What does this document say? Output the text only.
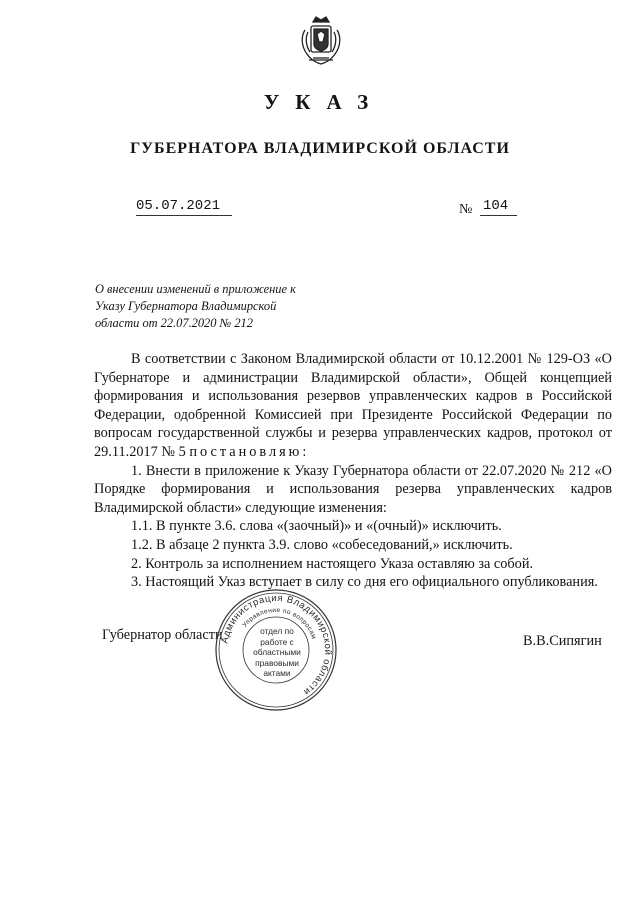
УКАЗ
ГУБЕРНАТОРА ВЛАДИМИРСКОЙ ОБЛАСТИ
05.07.2021	№ 104
О внесении изменений в приложение к Указу Губернатора Владимирской области от 22.07.2020 № 212

В соответствии с Законом Владимирской области от 10.12.2001 № 129-ОЗ «О Губернаторе и администрации Владимирской области», Общей концепцией формирования и использования резервов управленческих кадров в Российской Федерации, одобренной Комиссией при Президенте Российской Федерации по вопросам государственной службы и резерва управленческих кадров, протокол от 29.11.2017 № 5 постановляю:

1. Внести в приложение к Указу Губернатора области от 22.07.2020 № 212 «О Порядке формирования и использования резерва управленческих кадров Владимирской области» следующие изменения:

1.1. В пункте 3.6. слова «(заочный)» и «(очный)» исключить.

1.2. В абзаце 2 пункта 3.9. слово «собеседований,» исключить.

2. Контроль за исполнением настоящего Указа оставляю за собой.

3. Настоящий Указ вступает в силу со дня его официального опубликования.

Губернатор области	В.В.Сипягин
Администрация Владимирской области
Управление по вопросам
отдел по работе с областными правовыми актами
